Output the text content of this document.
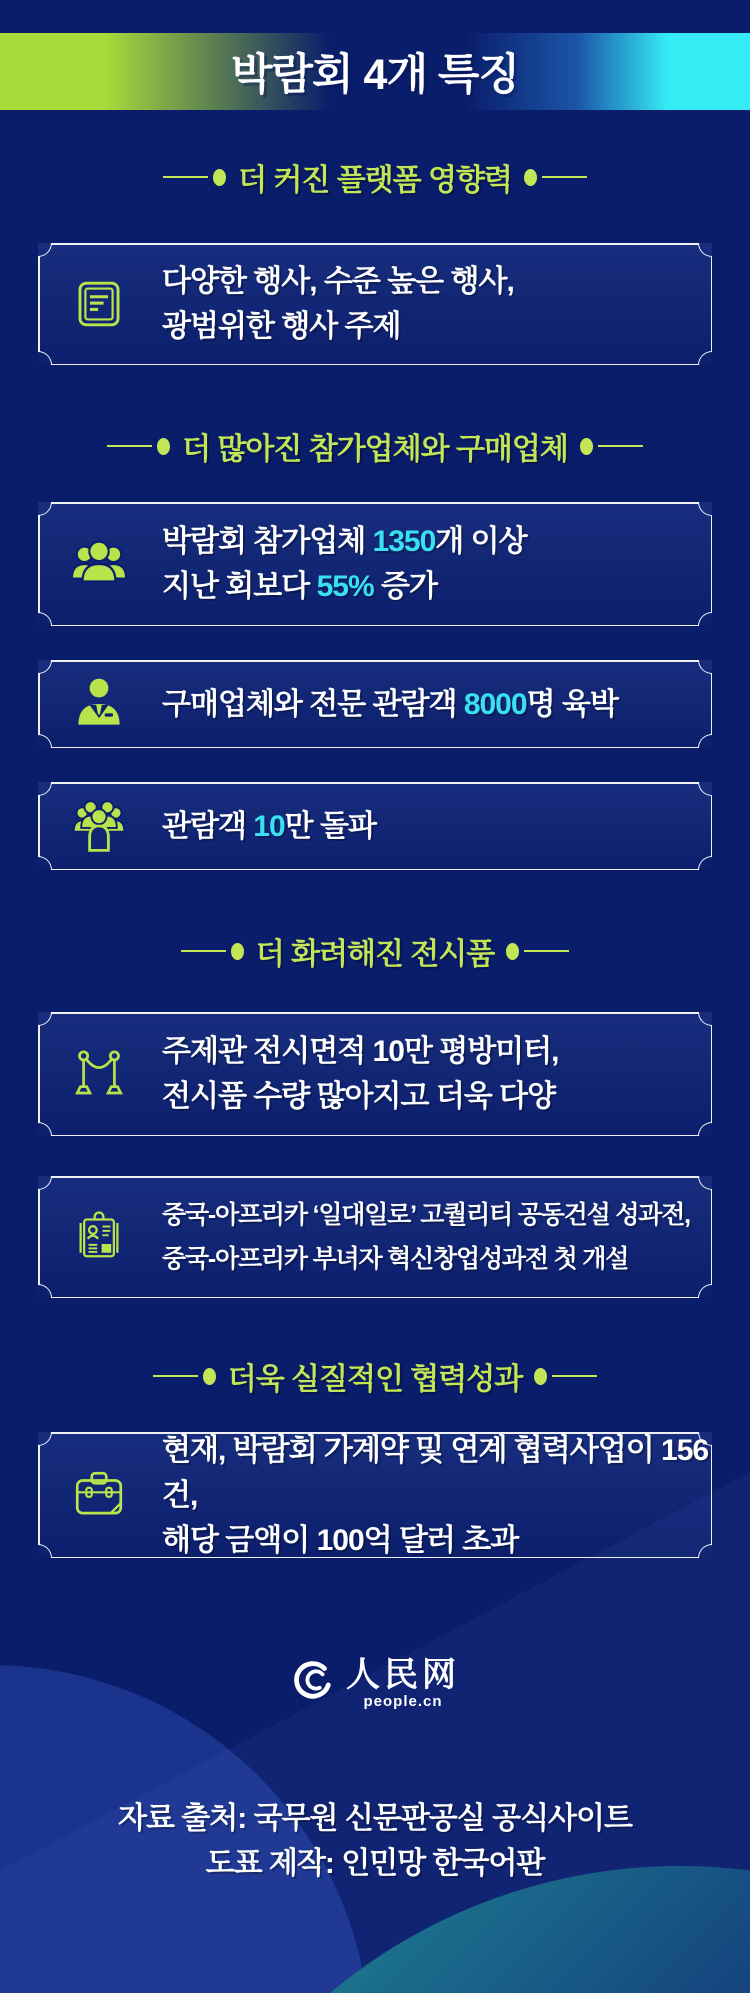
박람회 4개 특징
더 커진 플랫폼 영향력
다양한 행사, 수준 높은 행사,
광범위한 행사 주제
더 많아진 참가업체와 구매업체
박람회 참가업체 1350개 이상
지난 회보다 55% 증가
구매업체와 전문 관람객 8000명 육박
관람객 10만 돌파
더 화려해진 전시품
주제관 전시면적 10만 평방미터,
전시품 수량 많아지고 더욱 다양
중국-아프리카 ‘일대일로’ 고퀄리티 공동건설 성과전,
중국-아프리카 부녀자 혁신창업성과전 첫 개설
더욱 실질적인 협력성과
현재, 박람회 가계약 및 연계 협력사업이 156건,
해당 금액이 100억 달러 초과
人民网
people.cn
자료 출처: 국무원 신문판공실 공식사이트
도표 제작: 인민망 한국어판
